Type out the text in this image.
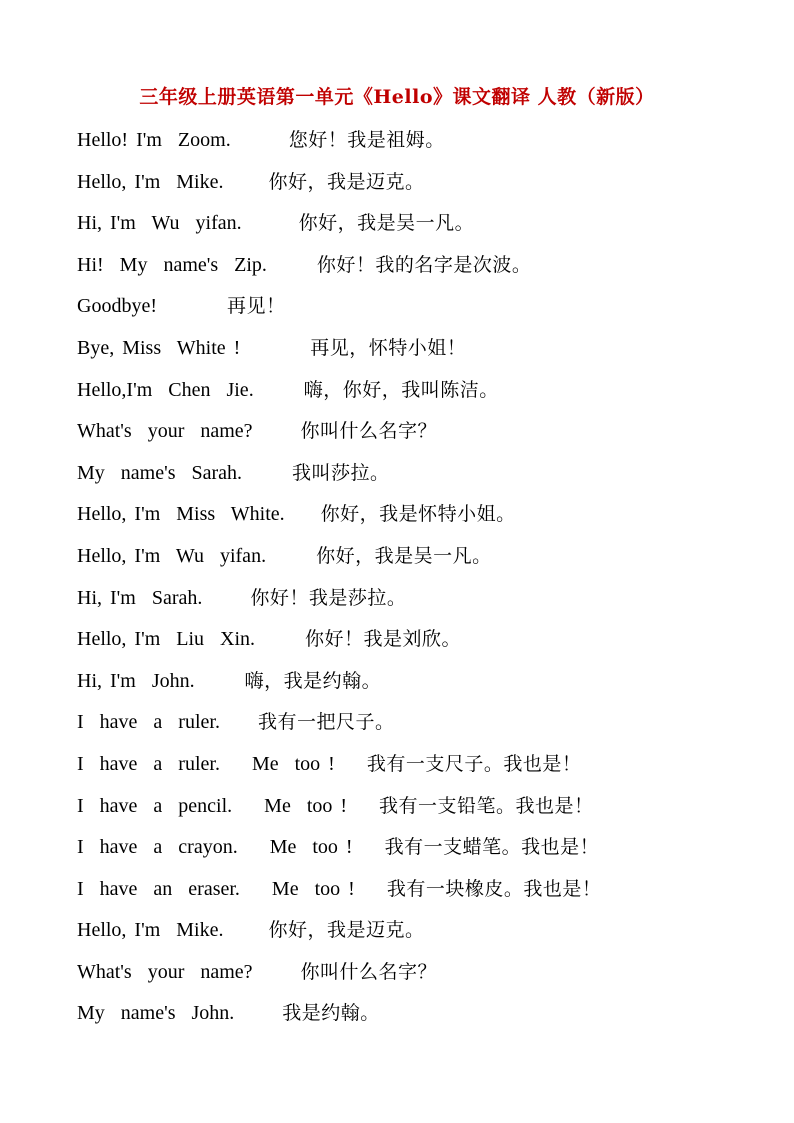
三年级上册英语第一单元《Hello》课文翻译 人教（新版）
Hello! I'm  Zoom.	您好！我是祖姆。
Hello, I'm  Mike. 你好，我是迈克。
Hi, I'm  Wu  yifan.	你好，我是吴一凡。
Hi!  My  name's  Zip.	你好！我的名字是次波。
Goodbye!	再见！
Bye, Miss  White !	再见，怀特小姐！
Hello,I'm  Chen  Jie.	嗨，你好，我叫陈洁。
What's  your  name?	你叫什么名字？
My  name's  Sarah.	我叫莎拉。
Hello, I'm  Miss  White. 你好，我是怀特小姐。
Hello, I'm  Wu  yifan.	你好，我是吴一凡。
Hi, I'm  Sarah.	你好！我是莎拉。
Hello, I'm  Liu  Xin.	你好！我是刘欣。
Hi, I'm  John.	嗨，我是约翰。
I  have  a  ruler. 我有一把尺子。
I  have  a  ruler.    Me  too ! 我有一支尺子。我也是！
I  have  a  pencil.    Me  too ! 我有一支铅笔。我也是！
I  have  a  crayon.    Me  too ! 我有一支蜡笔。我也是！
I  have  an  eraser.    Me  too ! 我有一块橡皮。我也是！
Hello, I'm  Mike. 你好，我是迈克。
What's  your  name?	你叫什么名字？
My  name's  John.	我是约翰。
